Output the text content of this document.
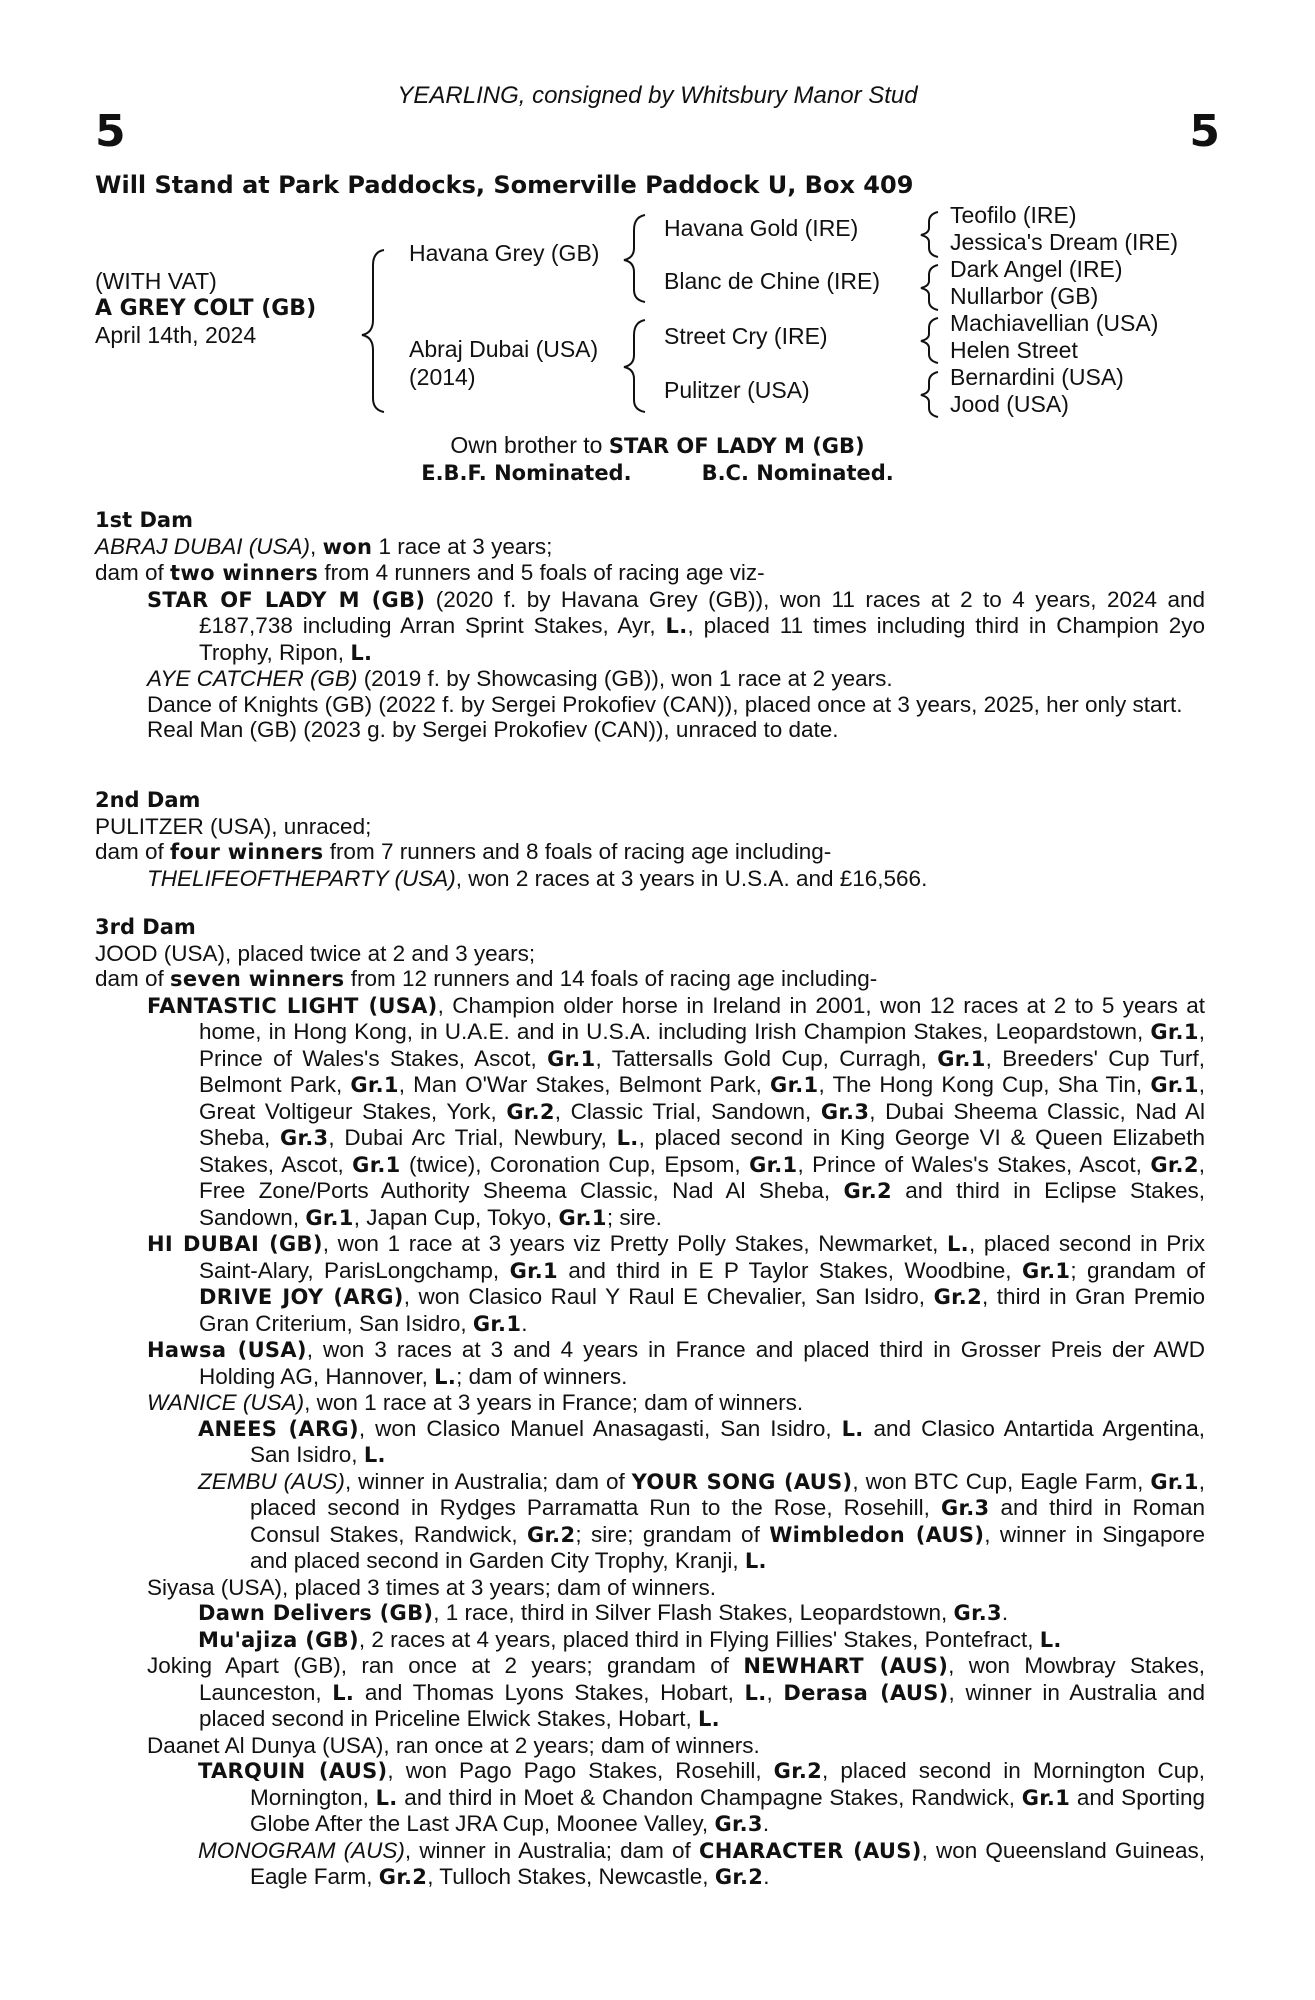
YEARLING, consigned by Whitsbury Manor Stud
5	5
Will Stand at Park Paddocks, Somerville Paddock U, Box 409
(WITH VAT)
A GREY COLT (GB)
April 14th, 2024
Havana Grey (GB)
Abraj Dubai (USA)
(2014)
Havana Gold (IRE)
Blanc de Chine (IRE)
Street Cry (IRE)
Pulitzer (USA)
Teofilo (IRE)
Jessica's Dream (IRE)
Dark Angel (IRE)
Nullarbor (GB)
Machiavellian (USA)
Helen Street
Bernardini (USA)
Jood (USA)
Own brother to STAR OF LADY M (GB)
E.B.F. Nominated.	B.C. Nominated.
1st Dam
ABRAJ DUBAI (USA), won 1 race at 3 years;
dam of two winners from 4 runners and 5 foals of racing age viz-
STAR OF LADY M (GB) (2020 f. by Havana Grey (GB)), won 11 races at 2 to 4 years, 2024 and £187,738 including Arran Sprint Stakes, Ayr, L., placed 11 times including third in Champion 2yo Trophy, Ripon, L.
AYE CATCHER (GB) (2019 f. by Showcasing (GB)), won 1 race at 2 years.
Dance of Knights (GB) (2022 f. by Sergei Prokofiev (CAN)), placed once at 3 years, 2025, her only start.
Real Man (GB) (2023 g. by Sergei Prokofiev (CAN)), unraced to date.
2nd Dam
PULITZER (USA), unraced;
dam of four winners from 7 runners and 8 foals of racing age including-
THELIFEOFTHEPARTY (USA), won 2 races at 3 years in U.S.A. and £16,566.
3rd Dam
JOOD (USA), placed twice at 2 and 3 years;
dam of seven winners from 12 runners and 14 foals of racing age including-
FANTASTIC LIGHT (USA), Champion older horse in Ireland in 2001, won 12 races at 2 to 5 years at home, in Hong Kong, in U.A.E. and in U.S.A. including Irish Champion Stakes, Leopardstown, Gr.1, Prince of Wales's Stakes, Ascot, Gr.1, Tattersalls Gold Cup, Curragh, Gr.1, Breeders' Cup Turf, Belmont Park, Gr.1, Man O'War Stakes, Belmont Park, Gr.1, The Hong Kong Cup, Sha Tin, Gr.1, Great Voltigeur Stakes, York, Gr.2, Classic Trial, Sandown, Gr.3, Dubai Sheema Classic, Nad Al Sheba, Gr.3, Dubai Arc Trial, Newbury, L., placed second in King George VI & Queen Elizabeth Stakes, Ascot, Gr.1 (twice), Coronation Cup, Epsom, Gr.1, Prince of Wales's Stakes, Ascot, Gr.2, Free Zone/Ports Authority Sheema Classic, Nad Al Sheba, Gr.2 and third in Eclipse Stakes, Sandown, Gr.1, Japan Cup, Tokyo, Gr.1; sire.
HI DUBAI (GB), won 1 race at 3 years viz Pretty Polly Stakes, Newmarket, L., placed second in Prix Saint-Alary, ParisLongchamp, Gr.1 and third in E P Taylor Stakes, Woodbine, Gr.1; grandam of DRIVE JOY (ARG), won Clasico Raul Y Raul E Chevalier, San Isidro, Gr.2, third in Gran Premio Gran Criterium, San Isidro, Gr.1.
Hawsa (USA), won 3 races at 3 and 4 years in France and placed third in Grosser Preis der AWD Holding AG, Hannover, L.; dam of winners.
WANICE (USA), won 1 race at 3 years in France; dam of winners.
ANEES (ARG), won Clasico Manuel Anasagasti, San Isidro, L. and Clasico Antartida Argentina, San Isidro, L.
ZEMBU (AUS), winner in Australia; dam of YOUR SONG (AUS), won BTC Cup, Eagle Farm, Gr.1, placed second in Rydges Parramatta Run to the Rose, Rosehill, Gr.3 and third in Roman Consul Stakes, Randwick, Gr.2; sire; grandam of Wimbledon (AUS), winner in Singapore and placed second in Garden City Trophy, Kranji, L.
Siyasa (USA), placed 3 times at 3 years; dam of winners.
Dawn Delivers (GB), 1 race, third in Silver Flash Stakes, Leopardstown, Gr.3.
Mu'ajiza (GB), 2 races at 4 years, placed third in Flying Fillies' Stakes, Pontefract, L.
Joking Apart (GB), ran once at 2 years; grandam of NEWHART (AUS), won Mowbray Stakes, Launceston, L. and Thomas Lyons Stakes, Hobart, L., Derasa (AUS), winner in Australia and placed second in Priceline Elwick Stakes, Hobart, L.
Daanet Al Dunya (USA), ran once at 2 years; dam of winners.
TARQUIN (AUS), won Pago Pago Stakes, Rosehill, Gr.2, placed second in Mornington Cup, Mornington, L. and third in Moet & Chandon Champagne Stakes, Randwick, Gr.1 and Sporting Globe After the Last JRA Cup, Moonee Valley, Gr.3.
MONOGRAM (AUS), winner in Australia; dam of CHARACTER (AUS), won Queensland Guineas, Eagle Farm, Gr.2, Tulloch Stakes, Newcastle, Gr.2.
